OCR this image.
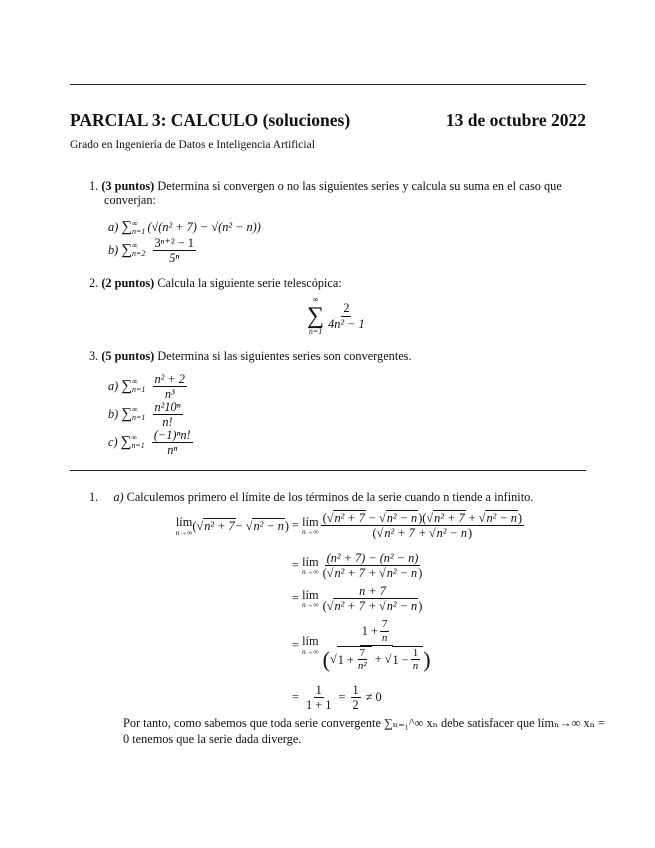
PARCIAL 3: CALCULO (soluciones)	13 de octubre 2022
Grado en Ingeniería de Datos e Inteligencia Artificial
1. (3 puntos) Determina si convergen o no las siguientes series y calcula su suma en el caso que
converjan:
a) ∑ ∞
n=1 (√(n² + 7) − √(n² − n))
b) ∑ ∞
n=2
$\frac{\text{3ⁿ⁺² − 1}}{\text{5ⁿ}}$
2. (2 puntos) Calcula la siguiente serie telescópica:
∞
∑
n=1
$\frac{2}{\text{4n² − 1}}$
3. (5 puntos) Determina si las siguientes series son convergentes.
a) ∑ ∞
n=1
$\frac{\text{n² + 2}}{\text{n³}}$
b) ∑ ∞
n=1
$\frac{\text{n²10ⁿ}}{n!}$
c) ∑ ∞
n=1
$\frac{\text{(−1)ⁿn!}}{\text{nⁿ}}$
1. a) Calculemos primero el límite de los términos de la serie cuando n tiende a infinito.
lím
n→∞ (√ n² + 7 − √ n² − n ) = lím
$n\to\infty \frac{\text{(√n² + 7 − √n² − n)(√n² + 7 + √n² − n)}}{\text{(√n² + 7 + √n² − n)}}$
= lím
$n\to\infty \frac{\text{(n² + 7) − (n² − n)}}{\text{(√n² + 7 + √n² − n)}}$
= lím
$n\to\infty \frac{n + 7}{\text{(√n² + 7 + √n² − n)}}$
= lím
$n\to\infty \frac{1 + \frac{7}{n}}{( √ 1 + \frac{7}{\text{n²}} + √ 1 - \frac{1}{n} )}$
= $\frac{1}{1 + 1} = \frac{1}{2}$
≠ 0
Por tanto, como sabemos que toda serie convergente ∑ₙ₌₁^∞ xₙ debe satisfacer que límₙ→∞ xₙ =
0 tenemos que la serie dada diverge.
